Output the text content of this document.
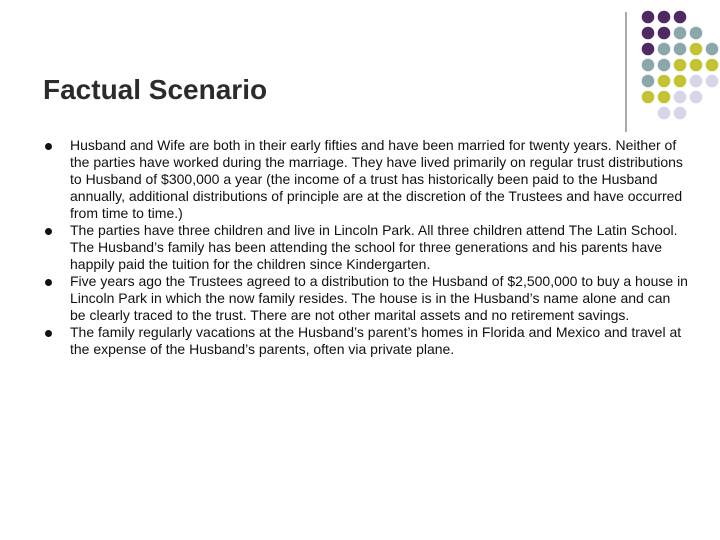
Factual Scenario
Husband and Wife are both in their early fifties and have been married for twenty years. Neither of the parties have worked during the marriage. They have lived primarily on regular trust distributions to Husband of $300,000 a year (the income of a trust has historically been paid to the Husband annually, additional distributions of principle are at the discretion of the Trustees and have occurred from time to time.)
The parties have three children and live in Lincoln Park. All three children attend The Latin School. The Husband’s family has been attending the school for three generations and his parents have happily paid the tuition for the children since Kindergarten.
Five years ago the Trustees agreed to a distribution to the Husband of $2,500,000 to buy a house in Lincoln Park in which the now family resides. The house is in the Husband’s name alone and can be clearly traced to the trust. There are not other marital assets and no retirement savings.
The family regularly vacations at the Husband’s parent’s homes in Florida and Mexico and travel at the expense of the Husband’s parents, often via private plane.
